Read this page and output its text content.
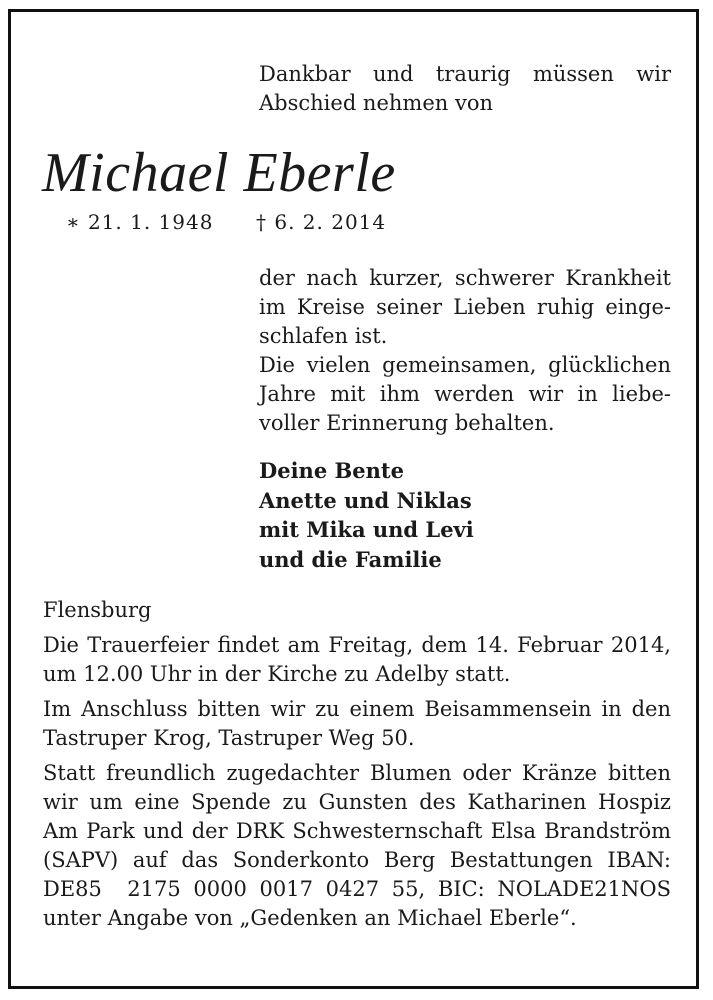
Dankbar und traurig müssen wir
Abschied nehmen von
Michael Eberle
∗ 21. 1. 1948 † 6. 2. 2014
der nach kurzer, schwerer Krankheit
im Kreise seiner Lieben ruhig einge-
schlafen ist.
Die vielen gemeinsamen, glücklichen
Jahre mit ihm werden wir in liebe-
voller Erinnerung behalten.
Deine Bente
Anette und Niklas
mit Mika und Levi
und die Familie
Flensburg
Die Trauerfeier findet am Freitag, dem 14. Februar 2014,
um 12.00 Uhr in der Kirche zu Adelby statt.
Im Anschluss bitten wir zu einem Beisammensein in den
Tastruper Krog, Tastruper Weg 50.
Statt freundlich zugedachter Blumen oder Kränze bitten
wir um eine Spende zu Gunsten des Katharinen Hospiz
Am Park und der DRK Schwesternschaft Elsa Brandström
(SAPV) auf das Sonderkonto Berg Bestattungen IBAN:
DE85  2175 0000 0017 0427 55, BIC: NOLADE21NOS
unter Angabe von „Gedenken an Michael Eberle“.
